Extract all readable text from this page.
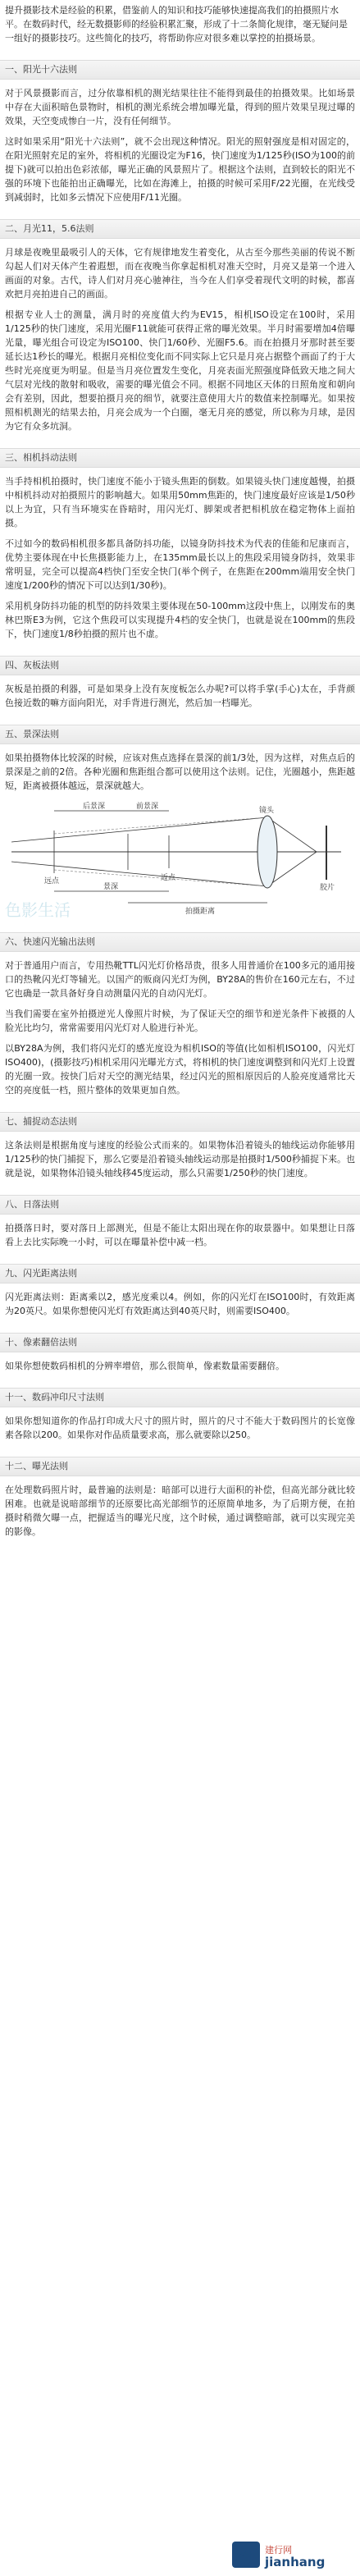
提升摄影技术是经验的积累，借鉴前人的知识和技巧能够快速提高我们的拍摄照片水平。在数码时代，经无数摄影师的经验积累汇聚，形成了十二条简化规律，毫无疑问是一组好的摄影技巧。这些简化的技巧，将帮助你应对很多难以掌控的拍摄场景。

一、阳光十六法则

对于风景摄影而言，过分依靠相机的测光结果往往不能得到最佳的拍摄效果。比如场景中存在大面积暗色景物时，相机的测光系统会增加曝光量，得到的照片效果呈现过曝的效果，天空变成惨白一片，没有任何细节。

这时如果采用“阳光十六法则”，就不会出现这种情况。阳光的照射强度是相对固定的，在阳光照射充足的室外，将相机的光圈设定为F16，快门速度为1/125秒(ISO为100的前提下)就可以拍出色彩浓郁，曝光正确的风景照片了。根据这个法则，直到较长的阳光不强的环境下也能拍出正确曝光，比如在海滩上，拍摄的时候可采用F/22光圈，在光线受到减弱时，比如多云情况下应使用F/11光圈。

二、月光11，5.6法则

月球是夜晚里最吸引人的天体，它有规律地发生着变化，从古至今那些美丽的传说不断勾起人们对天体产生着遐想，而在夜晚当你拿起相机对准天空时，月亮又是第一个进入画面的对象。古代，诗人们对月亮心驰神往，当今在人们享受着现代文明的时候，都喜欢把月亮拍进自己的画面。

根据专业人士的测量，满月时的亮度值大约为EV15，相机ISO设定在100时，采用1/125秒的快门速度，采用光圈F11就能可获得正常的曝光效果。半月时需要增加4倍曝光量，曝光组合可设定为ISO100、快门1/60秒、光圈F5.6。而在拍摄月牙那时甚至要延长达1秒长的曝光。根据月亮相位变化而不同实际上它只是月亮占据整个画面了约于大些时光亮度更为明显。但是当月亮位置发生变化，月亮表面光照强度降低致天地之间大气层对光线的散射和吸收，需要的曝光值会不同。根据不同地区天体的日照角度和朝向会有差别，因此，想要拍摄月亮的细节，就要注意使用大片的数值来控制曝光。如果按照相机测光的结果去拍，月亮会成为一个白圈，毫无月亮的感觉，所以称为月球，是因为它有众多坑洞。

三、相机抖动法则

当手持相机拍摄时，快门速度不能小于镜头焦距的倒数。如果镜头快门速度越慢，拍摄中相机抖动对拍摄照片的影响越大。如果用50mm焦距的，快门速度最好应该是1/50秒以上为宜，只有当环境实在昏暗时，用闪光灯、脚架或者把相机放在稳定物体上面拍摄。

不过如今的数码相机很多都具备防抖功能，以镜身防抖技术为代表的佳能和尼康而言，优势主要体现在中长焦摄影能力上，在135mm最长以上的焦段采用镜身防抖，效果非常明显，完全可以提高4档快门至安全快门(举个例子，在焦距在200mm端用安全快门速度1/200秒的情况下可以达到1/30秒)。

采用机身防抖功能的机型的防抖效果主要体现在50-100mm这段中焦上，以刚发布的奥林巴斯E3为例，它这个焦段可以实现提升4档的安全快门，也就是说在100mm的焦段下，快门速度1/8秒拍摄的照片也不虚。

四、灰板法则

灰板是拍摄的利器，可是如果身上没有灰度板怎么办呢?可以将手掌(手心)太在，手背颜色接近数的嘛方面向阳光，对手背进行测光，然后加一档曝光。

五、景深法则

如果拍摄物体比较深的时候，应该对焦点选择在景深的前1/3处，因为这样，对焦点后的景深是之前的2倍。各种光圈和焦距组合都可以使用这个法则。记住，光圈越小，焦距越短，距离被摄体越远，景深就越大。

后景深	前景深
景深
远点	近点
拍摄距离
镜头
胶片
色影生活
六、快速闪光输出法则

对于普通用户而言，专用热靴TTL闪光灯价格昂贵，很多人用普通价在100多元的通用接口的热靴闪光灯等辅光。以国产的贩商闪光灯为例，BY28A的售价在160元左右，不过它也确是一款具备好身自动测量闪光的自动闪光灯。

当我们需要在室外拍摄逆光人像照片时候，为了保证天空的细节和逆光条件下被摄的人脸光比均匀，常常需要用闪光灯对人脸进行补光。

以BY28A为例，我们将闪光灯的感光度设为相机ISO的等值(比如相机ISO100，闪光灯ISO400)，(摄影技巧)相机采用闪光曝光方式，将相机的快门速度调整到和闪光灯上设置的光圈一致。按快门后对天空的测光结果，经过闪光的照相原因后的人脸亮度通常比天空的亮度低一档，照片整体的效果更加自然。

七、捕捉动态法则

这条法则是根据角度与速度的经验公式而来的。如果物体沿着镜头的轴线运动你能够用1/125秒的快门捕捉下，那么它要是沿着镜头轴线运动那是拍摄时1/500秒捕捉下来。也就是说，如果物体沿镜头轴线移45度运动，那么只需要1/250秒的快门速度。

八、日落法则

拍摄落日时，要对落日上部测光，但是不能让太阳出现在你的取景器中。如果想让日落看上去比实际晚一小时，可以在曝量补偿中减一档。

九、闪光距离法则

闪光距离法则：距离乘以2，感光度乘以4。例如，你的闪光灯在ISO100时，有效距离为20英尺。如果你想使闪光灯有效距离达到40英尺时，则需要ISO400。

十、像素翻倍法则

如果你想使数码相机的分辨率增倍，那么很简单，像素数量需要翻倍。

十一、数码冲印尺寸法则

如果你想知道你的作品打印成大尺寸的照片时，照片的尺寸不能大于数码图片的长宽像素各除以200。如果你对作品质量要求高，那么就要除以250。

十二、曝光法则

在处理数码照片时，最普遍的法则是：暗部可以进行大面积的补偿，但高光部分就比较困难。也就是说暗部细节的还原要比高光部细节的还原简单地多，为了后期方便，在拍摄时稍微欠曝一点，把握适当的曝光尺度，这个时候，通过调整暗部，就可以实现完美的影像。

ZJ 建行网
jianhang
